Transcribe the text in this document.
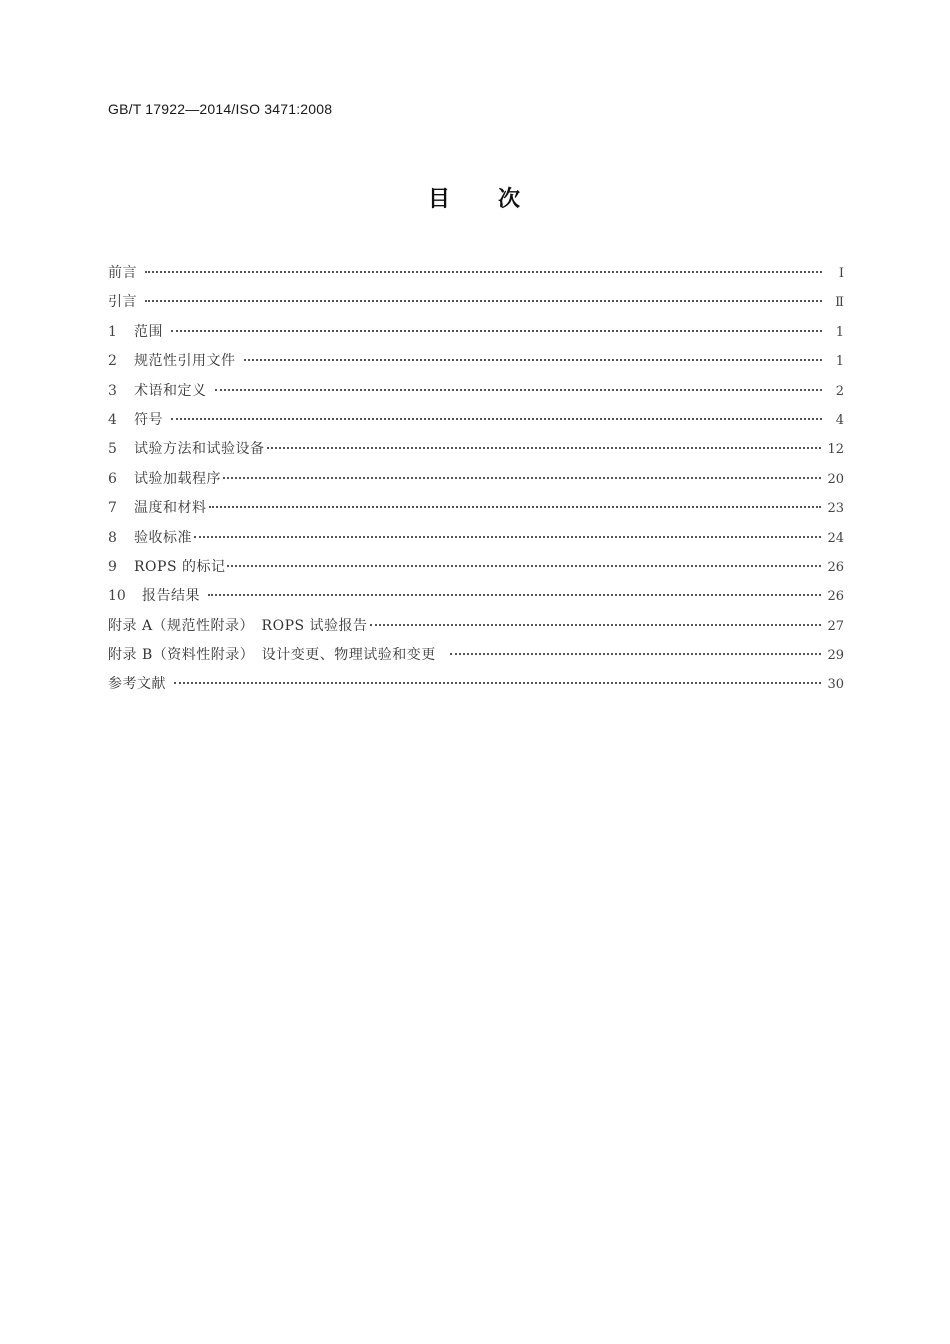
GB/T 17922—2014/ISO 3471:2008
目 次
前言	Ⅰ
引言	Ⅱ
1	范围	1
2	规范性引用文件	1
3	术语和定义	2
4	符号	4
5	试验方法和试验设备	12
6	试验加载程序	20
7	温度和材料	23
8	验收标准	24
9	ROPS 的标记	26
10	报告结果	26
附录 A（规范性附录）　ROPS 试验报告	27
附录 B（资料性附录）　设计变更、物理试验和变更	29
参考文献	30
